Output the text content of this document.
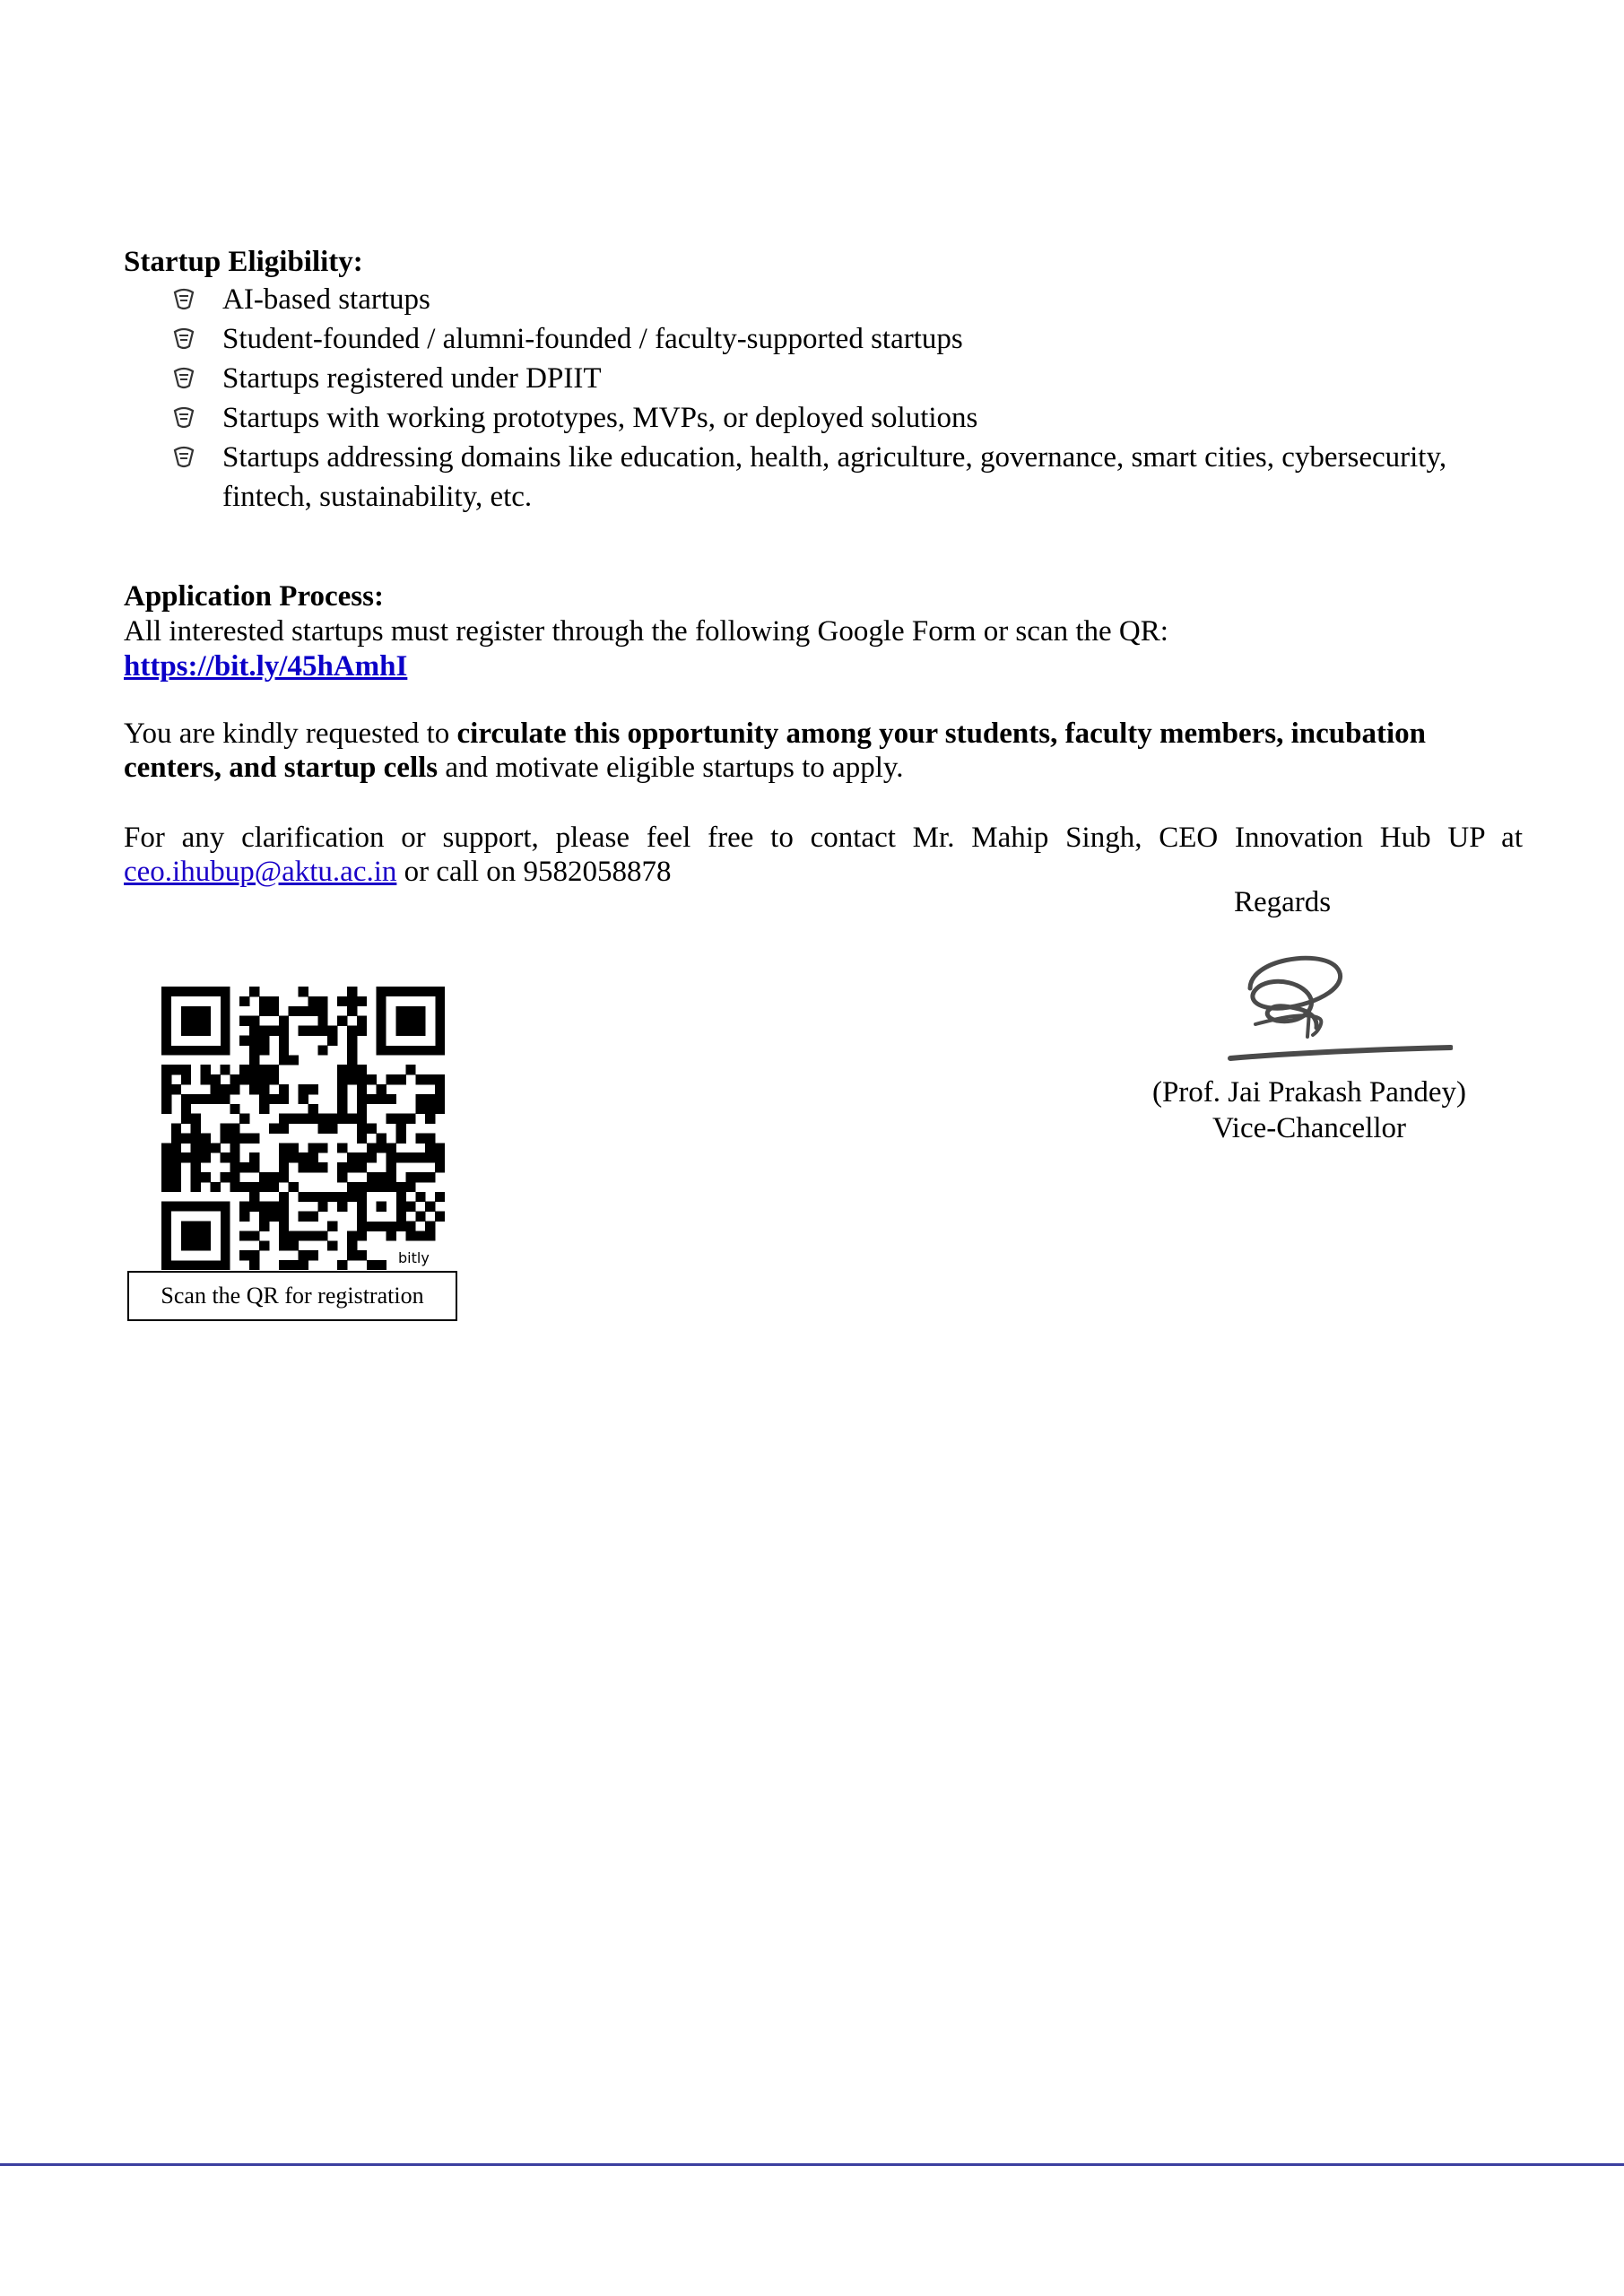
Startup Eligibility:
AI-based startups
Student-founded / alumni-founded / faculty-supported startups
Startups registered under DPIIT
Startups with working prototypes, MVPs, or deployed solutions
Startups addressing domains like education, health, agriculture, governance, smart cities, cybersecurity,
fintech, sustainability, etc.
Application Process:
All interested startups must register through the following Google Form or scan the QR:
https://bit.ly/45hAmhI
You are kindly requested to circulate this opportunity among your students, faculty members, incubation centers, and startup cells and motivate eligible startups to apply.
For any clarification or support, please feel free to contact Mr. Mahip Singh, CEO Innovation Hub UP at
ceo.ihubup@aktu.ac.in or call on 9582058878
Regards
(Prof. Jai Prakash Pandey)
Vice-Chancellor
bitly
Scan the QR for registration
